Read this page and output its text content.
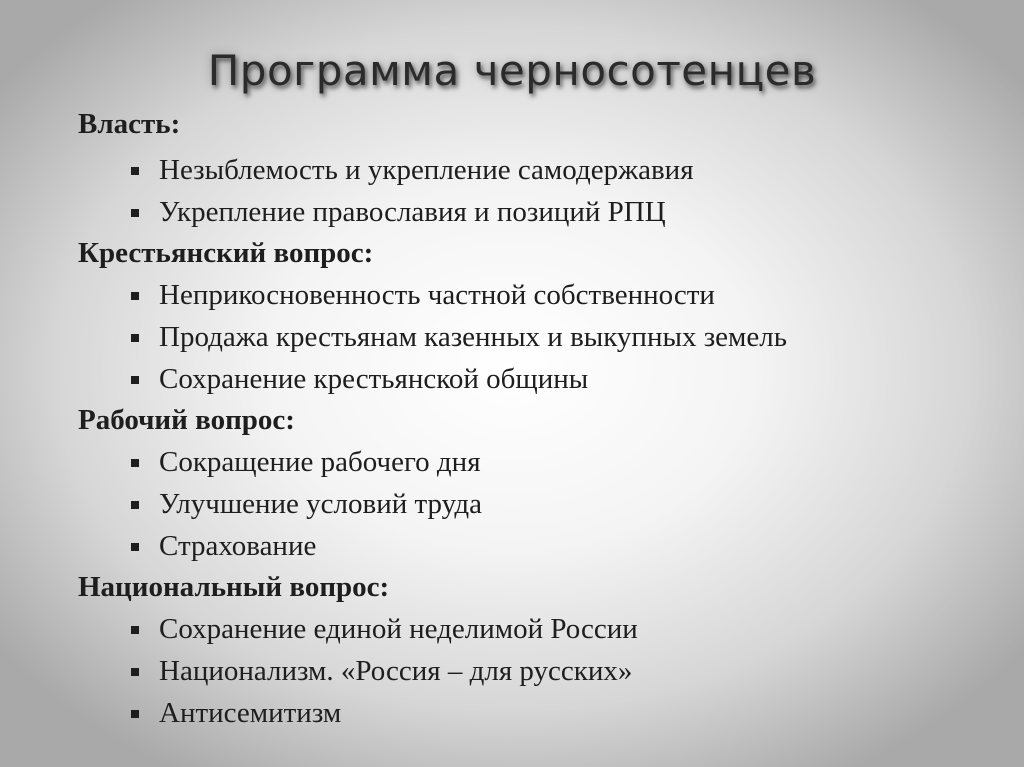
Программа черносотенцев
Власть:
Незыблемость и укрепление самодержавия
Укрепление православия и позиций РПЦ
Крестьянский вопрос:
Неприкосновенность частной собственности
Продажа крестьянам казенных и выкупных земель
Сохранение крестьянской общины
Рабочий вопрос:
Сокращение рабочего дня
Улучшение условий труда
Страхование
Национальный вопрос:
Сохранение единой неделимой России
Национализм. «Россия – для русских»
Антисемитизм
